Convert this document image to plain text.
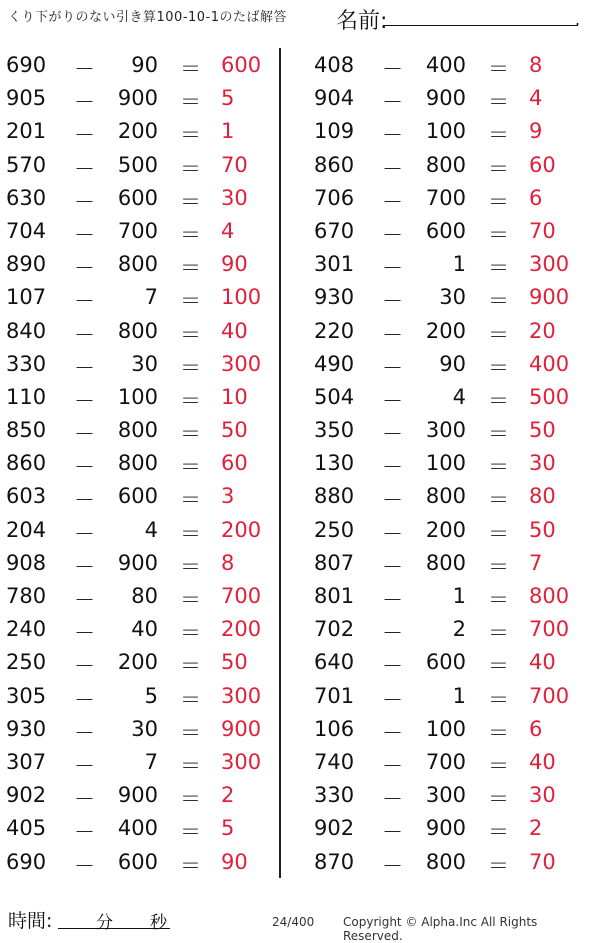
くり下がりのない引き算100-10-1のたば解答 名前:	.
690 －	90 ＝ 600
905 －	900 ＝ 5
201 －	200 ＝ 1
570 －	500 ＝ 70
630 －	600 ＝ 30
704 －	700 ＝ 4
890 －	800 ＝ 90
107 －	7 ＝ 100
840 －	800 ＝ 40
330 －	30 ＝ 300
110 －	100 ＝ 10
850 －	800 ＝ 50
860 －	800 ＝ 60
603 －	600 ＝ 3
204 －	4 ＝ 200
908 －	900 ＝ 8
780 －	80 ＝ 700
240 －	40 ＝ 200
250 －	200 ＝ 50
305 －	5 ＝ 300
930 －	30 ＝ 900
307 －	7 ＝ 300
902 －	900 ＝ 2
405 －	400 ＝ 5
690 －	600 ＝ 90
408 －	400 ＝ 8
904 －	900 ＝ 4
109 －	100 ＝ 9
860 －	800 ＝ 60
706 －	700 ＝ 6
670 －	600 ＝ 70
301 －	1 ＝ 300
930 －	30 ＝ 900
220 －	200 ＝ 20
490 －	90 ＝ 400
504 －	4 ＝ 500
350 －	300 ＝ 50
130 －	100 ＝ 30
880 －	800 ＝ 80
250 －	200 ＝ 50
807 －	800 ＝ 7
801 －	1 ＝ 800
702 －	2 ＝ 700
640 －	600 ＝ 40
701 －	1 ＝ 700
106 －	100 ＝ 6
740 －	700 ＝ 40
330 －	300 ＝ 30
902 －	900 ＝ 2
870 －	800 ＝ 70
時間:	分 秒	24/400 Copyright © Alpha.Inc All Rights Reserved.
